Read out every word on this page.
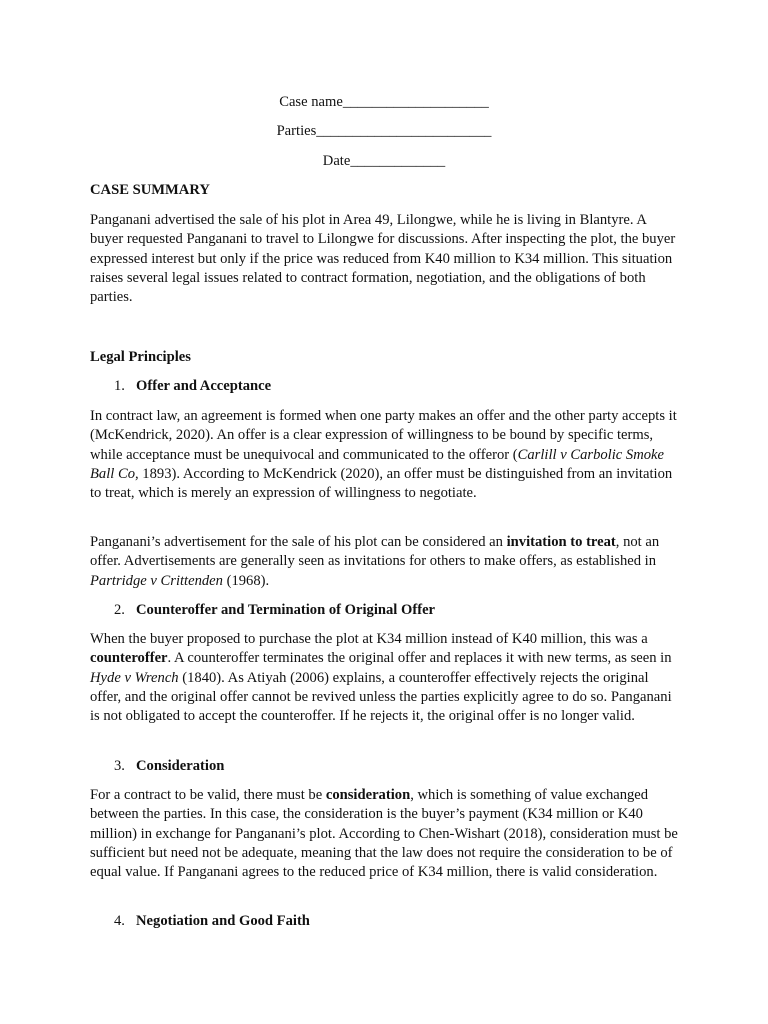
Case name____________________
Parties________________________
Date_____________
CASE SUMMARY

Panganani advertised the sale of his plot in Area 49, Lilongwe, while he is living in Blantyre. A buyer requested Panganani to travel to Lilongwe for discussions. After inspecting the plot, the buyer expressed interest but only if the price was reduced from K40 million to K34 million. This situation raises several legal issues related to contract formation, negotiation, and the obligations of both parties.

Legal Principles
1. Offer and Acceptance

In contract law, an agreement is formed when one party makes an offer and the other party accepts it (McKendrick, 2020). An offer is a clear expression of willingness to be bound by specific terms, while acceptance must be unequivocal and communicated to the offeror (Carlill v Carbolic Smoke Ball Co, 1893). According to McKendrick (2020), an offer must be distinguished from an invitation to treat, which is merely an expression of willingness to negotiate.

Panganani’s advertisement for the sale of his plot can be considered an invitation to treat, not an offer. Advertisements are generally seen as invitations for others to make offers, as established in Partridge v Crittenden (1968).

2. Counteroffer and Termination of Original Offer

When the buyer proposed to purchase the plot at K34 million instead of K40 million, this was a counteroffer. A counteroffer terminates the original offer and replaces it with new terms, as seen in Hyde v Wrench (1840). As Atiyah (2006) explains, a counteroffer effectively rejects the original offer, and the original offer cannot be revived unless the parties explicitly agree to do so. Panganani is not obligated to accept the counteroffer. If he rejects it, the original offer is no longer valid.

3. Consideration

For a contract to be valid, there must be consideration, which is something of value exchanged between the parties. In this case, the consideration is the buyer’s payment (K34 million or K40 million) in exchange for Panganani’s plot. According to Chen-Wishart (2018), consideration must be sufficient but need not be adequate, meaning that the law does not require the consideration to be of equal value. If Panganani agrees to the reduced price of K34 million, there is valid consideration.

4. Negotiation and Good Faith
